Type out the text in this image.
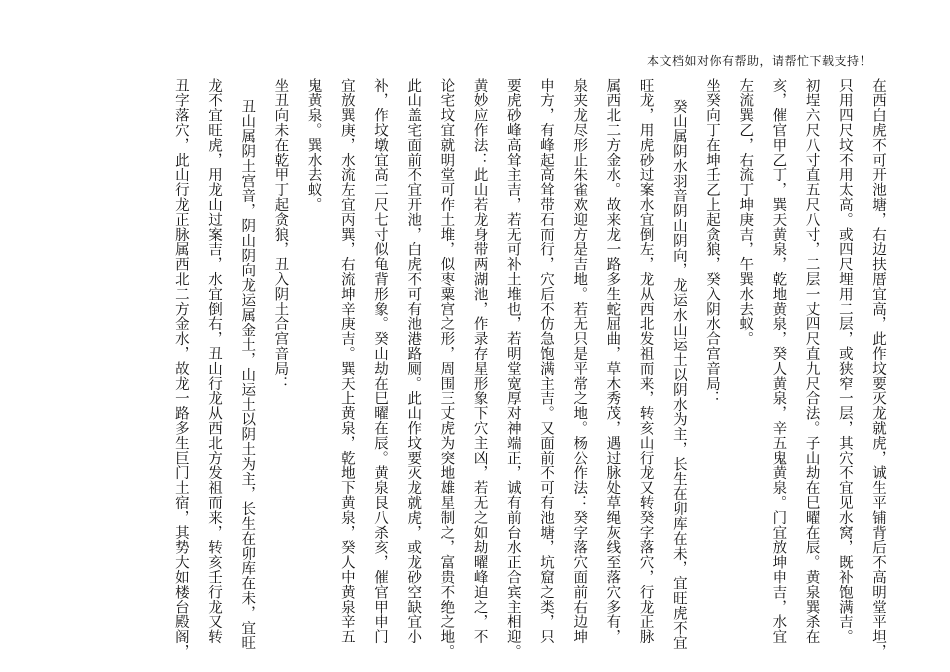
本文档如对你有帮助，请帮忙下载支持！
在西白虎不可开池塘，右边扶厝宜高，此作坟要灭龙就虎，诚生平铺背后不高明堂平坦，
只用四尺坟不用太高。或四尺埋用二层，或狭窄一层，其穴不宜见水窝，既补饱满吉。
初埕六尺八寸直五尺八寸，二层一丈四尺直九尺合法。子山劫在巳曜在辰。黄泉巽杀在
亥，催官甲乙丁，巽天黄泉，乾地黄泉，癸人黄泉，辛五鬼黄泉。门宜放坤申吉，水宜
左流巽乙，右流丁坤庚吉，午巽水去蚁。
坐癸向丁在坤壬乙上起贪狼，癸入阴水合宫音局：
癸山属阴水羽音阴山阴向，龙运水山运土以阴水为主，长生在卯库在未，宜旺虎不宜
旺龙，用虎砂过案水宜倒左，龙从西北发祖而来，转亥山行龙又转癸字落穴，行龙正脉
属西北二方金水。故来龙一路多生蛇屈曲，草木秀茂，遇过脉处草绳灰线至落穴多有，
泉夹龙尽形止朱雀欢迎方是吉地。若无只是平常之地。杨公作法：癸字落穴面前右边坤
申方，有峰起高耸带石而行，穴后不仿急饱满主吉。又面前不可有池塘，坑窟之类，只
要虎砂峰高耸主吉，若无可补土堆也，若明堂宽厚对神端正，诚有前台水正合宾主相迎。
黄妙应作法：此山若龙身带两湖池，作录存星形象下穴主凶，若无之如劫曜峰迫之，不
论宅坟宜就明堂可作土堆，似枣粟宫之形，周围三丈虎为突地雄星制之，富贵不绝之地。
此山盖宅面前不宜开池，白虎不可有池港路厕。此山作坟要灭龙就虎，或龙砂空缺宜小
补，作坟墩宜高二尺七寸似龟背形象。癸山劫在巳曜在辰。黄泉艮八杀亥，催官甲申门
宜放巽庚，水流左宜丙巽，右流坤辛庚吉。巽天上黄泉，乾地下黄泉，癸人中黄泉辛五
鬼黄泉。巽水去蚁。
坐丑向未在乾甲丁起贪狼，丑入阴土合宫音局：
丑山属阴土宫音，阴山阴向龙运属金土，山运土以阴土为主，长生在卯库在未，宜旺
龙不宜旺虎，用龙山过案吉，水宜倒右，丑山行龙从西北方发祖而来，转亥壬行龙又转
丑字落穴，此山行龙正脉属西北二方金水，故龙一路多生巨门土宿，其势大如楼台殿阁，
